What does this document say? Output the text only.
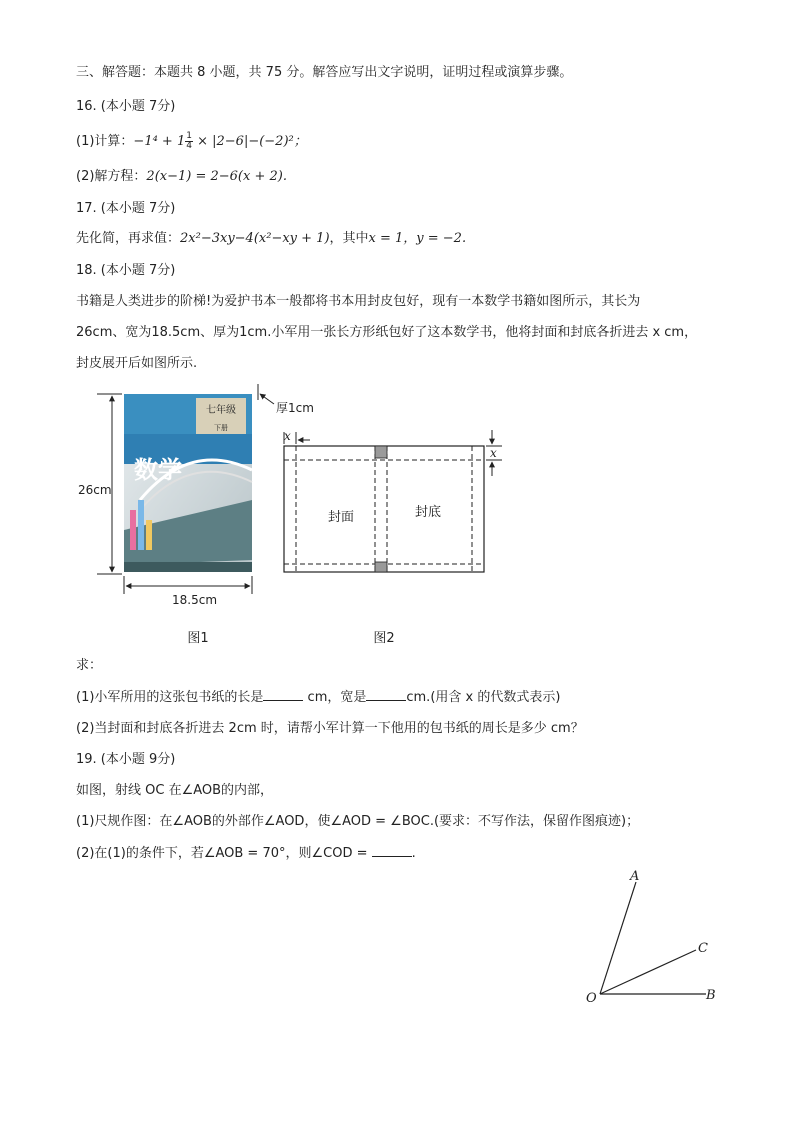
三、解答题：本题共 8 小题，共 75 分。解答应写出文字说明，证明过程或演算步骤。
16. (本小题 7分)
(1)计算：$-1^4 + 1 \frac{1}{4} \times |2-6|-(-2)^2$；
(2)解方程：2(x−1) = 2−6(x + 2).
17. (本小题 7分)
先化简，再求值：2x²−3xy−4(x²−xy + 1)，其中x = 1，y = −2.
18. (本小题 7分)
书籍是人类进步的阶梯!为爱护书本一般都将书本用封皮包好，现有一本数学书籍如图所示，其长为
26cm、宽为18.5cm、厚为1cm.小军用一张长方形纸包好了这本数学书，他将封面和封底各折进去 x cm，
封皮展开后如图所示.
七年级
下册
数学
厚1cm
26cm
18.5cm
图1
x
x
封面	封底
图2
求：
(1)小军所用的这张包书纸的长是	cm，宽是	cm.(用含 x 的代数式表示)
(2)当封面和封底各折进去 2cm 时，请帮小军计算一下他用的包书纸的周长是多少 cm？
19. (本小题 9分)
如图，射线 OC 在∠AOB的内部，
(1)尺规作图：在∠AOB的外部作∠AOD，使∠AOD = ∠BOC.(要求：不写作法，保留作图痕迹)；
(2)在(1)的条件下，若∠AOB = 70°，则∠COD =	.
A
C
B
O
